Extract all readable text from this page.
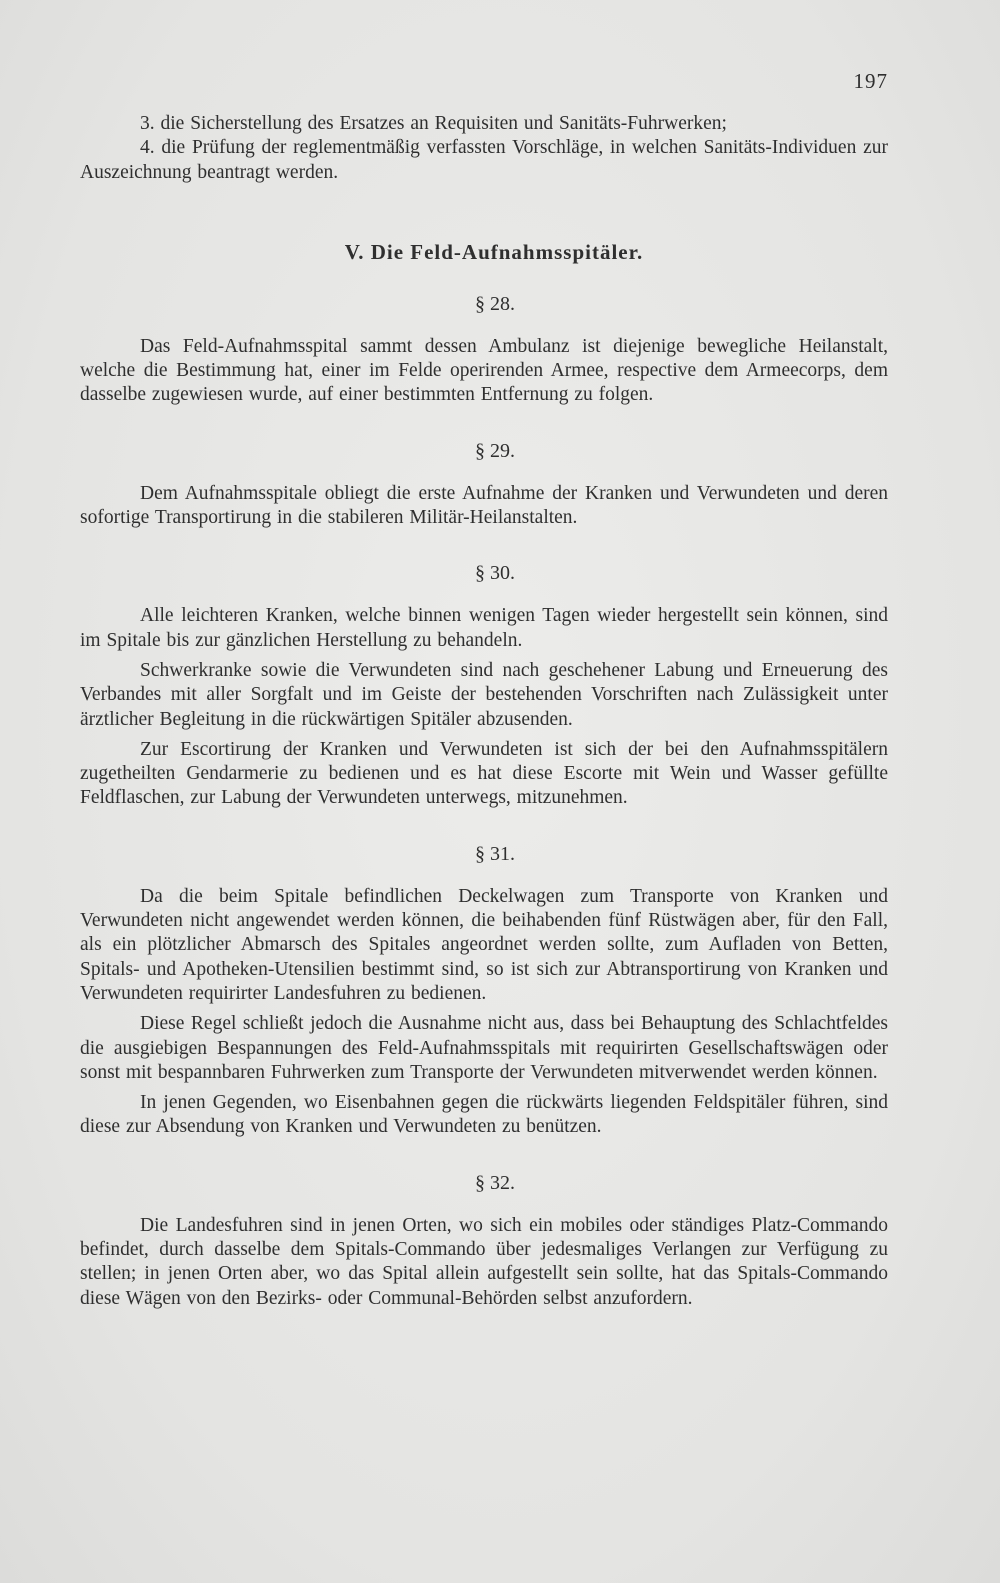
197

3. die Sicherstellung des Ersatzes an Requisiten und Sanitäts-Fuhrwerken;

4. die Prüfung der reglementmäßig verfassten Vorschläge, in welchen Sanitäts-Individuen zur Auszeichnung beantragt werden.

V. Die Feld-Aufnahmsspitäler.
§ 28.

Das Feld-Aufnahmsspital sammt dessen Ambulanz ist diejenige bewegliche Heilanstalt, welche die Bestimmung hat, einer im Felde operirenden Armee, respective dem Armeecorps, dem dasselbe zugewiesen wurde, auf einer bestimmten Entfernung zu folgen.

§ 29.

Dem Aufnahmsspitale obliegt die erste Aufnahme der Kranken und Verwundeten und deren sofortige Transportirung in die stabileren Militär-Heilanstalten.

§ 30.

Alle leichteren Kranken, welche binnen wenigen Tagen wieder hergestellt sein können, sind im Spitale bis zur gänzlichen Herstellung zu behandeln.

Schwerkranke sowie die Verwundeten sind nach geschehener Labung und Erneuerung des Verbandes mit aller Sorgfalt und im Geiste der bestehenden Vorschriften nach Zulässigkeit unter ärztlicher Begleitung in die rückwärtigen Spitäler abzusenden.

Zur Escortirung der Kranken und Verwundeten ist sich der bei den Aufnahmsspitälern zugetheilten Gendarmerie zu bedienen und es hat diese Escorte mit Wein und Wasser gefüllte Feldflaschen, zur Labung der Verwundeten unterwegs, mitzunehmen.

§ 31.

Da die beim Spitale befindlichen Deckelwagen zum Transporte von Kranken und Verwundeten nicht angewendet werden können, die beihabenden fünf Rüstwägen aber, für den Fall, als ein plötzlicher Abmarsch des Spitales angeordnet werden sollte, zum Aufladen von Betten, Spitals- und Apotheken-Utensilien bestimmt sind, so ist sich zur Abtransportirung von Kranken und Verwundeten requirirter Landesfuhren zu bedienen.

Diese Regel schließt jedoch die Ausnahme nicht aus, dass bei Behauptung des Schlachtfeldes die ausgiebigen Bespannungen des Feld-Aufnahmsspitals mit requirirten Gesellschaftswägen oder sonst mit bespannbaren Fuhrwerken zum Transporte der Verwundeten mitverwendet werden können.

In jenen Gegenden, wo Eisenbahnen gegen die rückwärts liegenden Feldspitäler führen, sind diese zur Absendung von Kranken und Verwundeten zu benützen.

§ 32.

Die Landesfuhren sind in jenen Orten, wo sich ein mobiles oder ständiges Platz-Commando befindet, durch dasselbe dem Spitals-Commando über jedesmaliges Verlangen zur Verfügung zu stellen; in jenen Orten aber, wo das Spital allein aufgestellt sein sollte, hat das Spitals-Commando diese Wägen von den Bezirks- oder Communal-Behörden selbst anzufordern.
